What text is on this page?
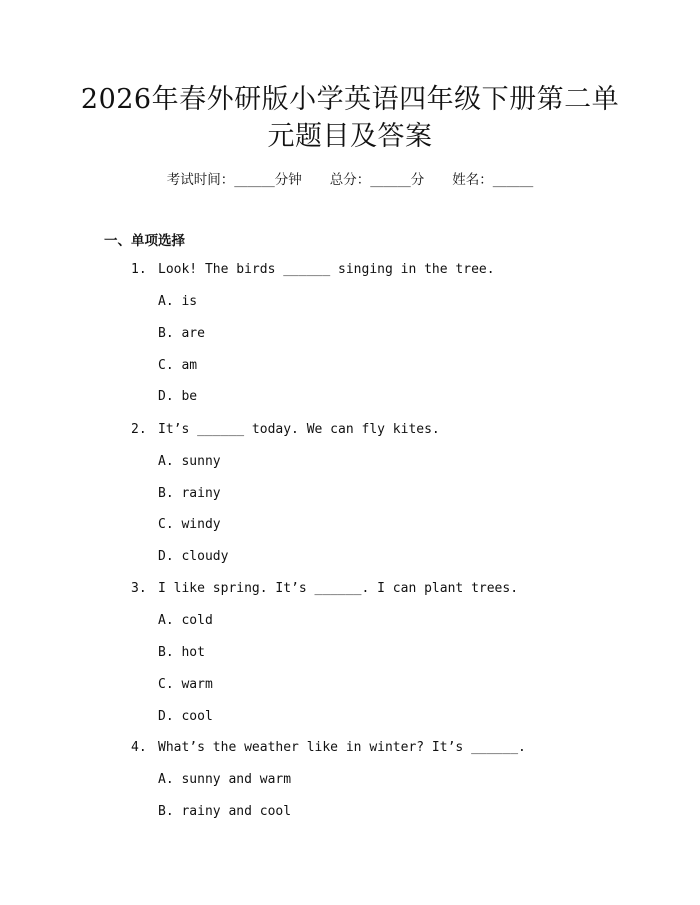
2026年春外研版小学英语四年级下册第二单
元题目及答案
考试时间：______分钟 总分：______分 姓名：______
一、单项选择
1. Look! The birds ______ singing in the tree.
A. is
B. are
C. am
D. be
2. It’s ______ today. We can fly kites.
A. sunny
B. rainy
C. windy
D. cloudy
3. I like spring. It’s ______. I can plant trees.
A. cold
B. hot
C. warm
D. cool
4. What’s the weather like in winter? It’s ______.
A. sunny and warm
B. rainy and cool
